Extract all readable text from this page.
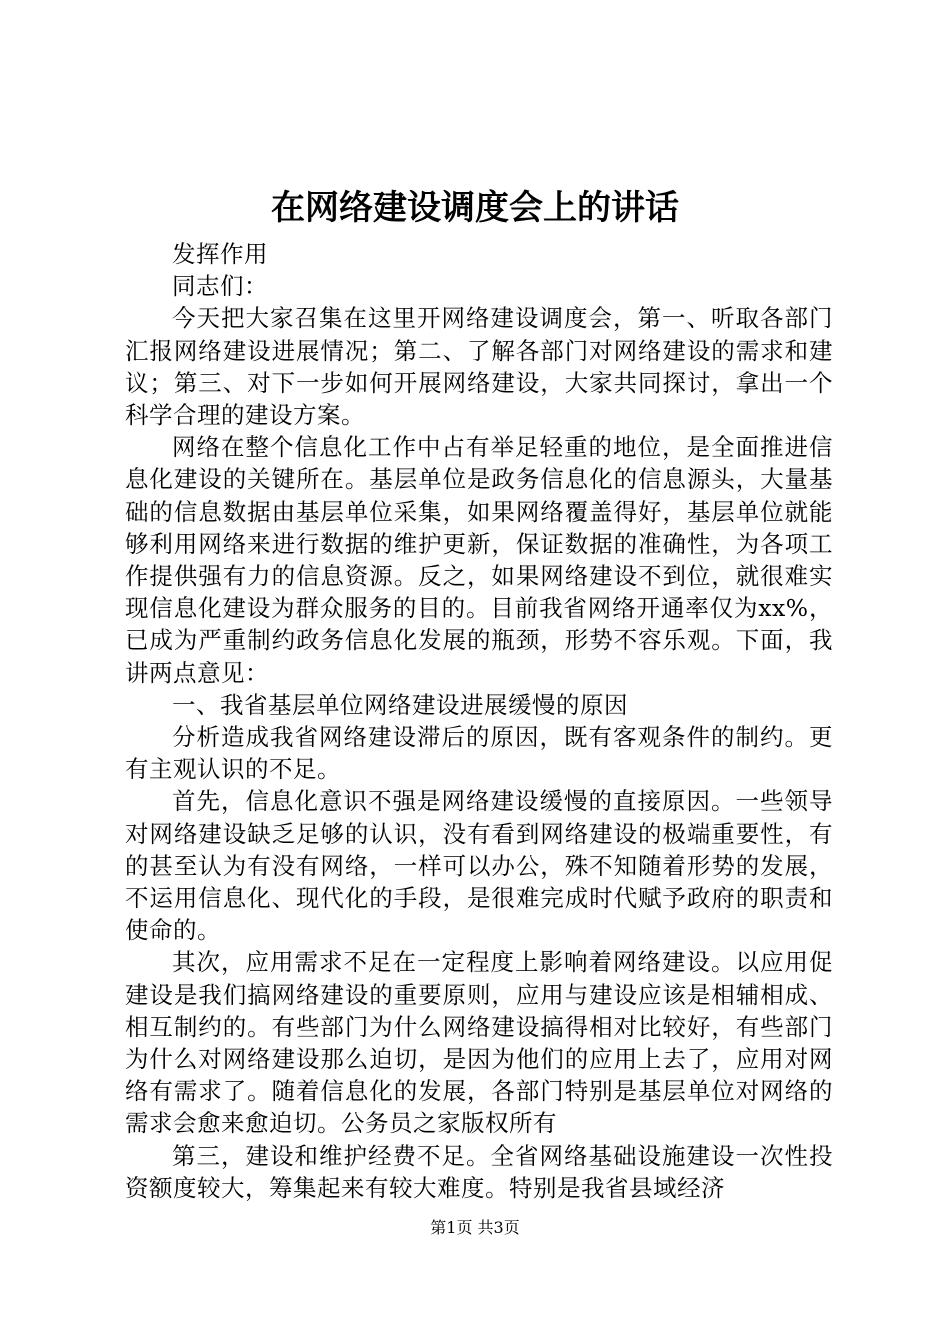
在网络建设调度会上的讲话

发挥作用

同志们：

今天把大家召集在这里开网络建设调度会，第一、听取各部门汇报网络建设进展情况；第二、了解各部门对网络建设的需求和建议；第三、对下一步如何开展网络建设，大家共同探讨，拿出一个科学合理的建设方案。

网络在整个信息化工作中占有举足轻重的地位，是全面推进信息化建设的关键所在。基层单位是政务信息化的信息源头，大量基础的信息数据由基层单位采集，如果网络覆盖得好，基层单位就能够利用网络来进行数据的维护更新，保证数据的准确性，为各项工作提供强有力的信息资源。反之，如果网络建设不到位，就很难实现信息化建设为群众服务的目的。目前我省网络开通率仅为xx%，已成为严重制约政务信息化发展的瓶颈，形势不容乐观。下面，我讲两点意见：

一、我省基层单位网络建设进展缓慢的原因

分析造成我省网络建设滞后的原因，既有客观条件的制约。更有主观认识的不足。

首先，信息化意识不强是网络建设缓慢的直接原因。一些领导对网络建设缺乏足够的认识，没有看到网络建设的极端重要性，有的甚至认为有没有网络，一样可以办公，殊不知随着形势的发展，不运用信息化、现代化的手段，是很难完成时代赋予政府的职责和使命的。

其次，应用需求不足在一定程度上影响着网络建设。以应用促建设是我们搞网络建设的重要原则，应用与建设应该是相辅相成、相互制约的。有些部门为什么网络建设搞得相对比较好，有些部门为什么对网络建设那么迫切，是因为他们的应用上去了，应用对网络有需求了。随着信息化的发展，各部门特别是基层单位对网络的需求会愈来愈迫切。公务员之家版权所有

第三，建设和维护经费不足。全省网络基础设施建设一次性投资额度较大，筹集起来有较大难度。特别是我省县域经济

第1页 共3页
